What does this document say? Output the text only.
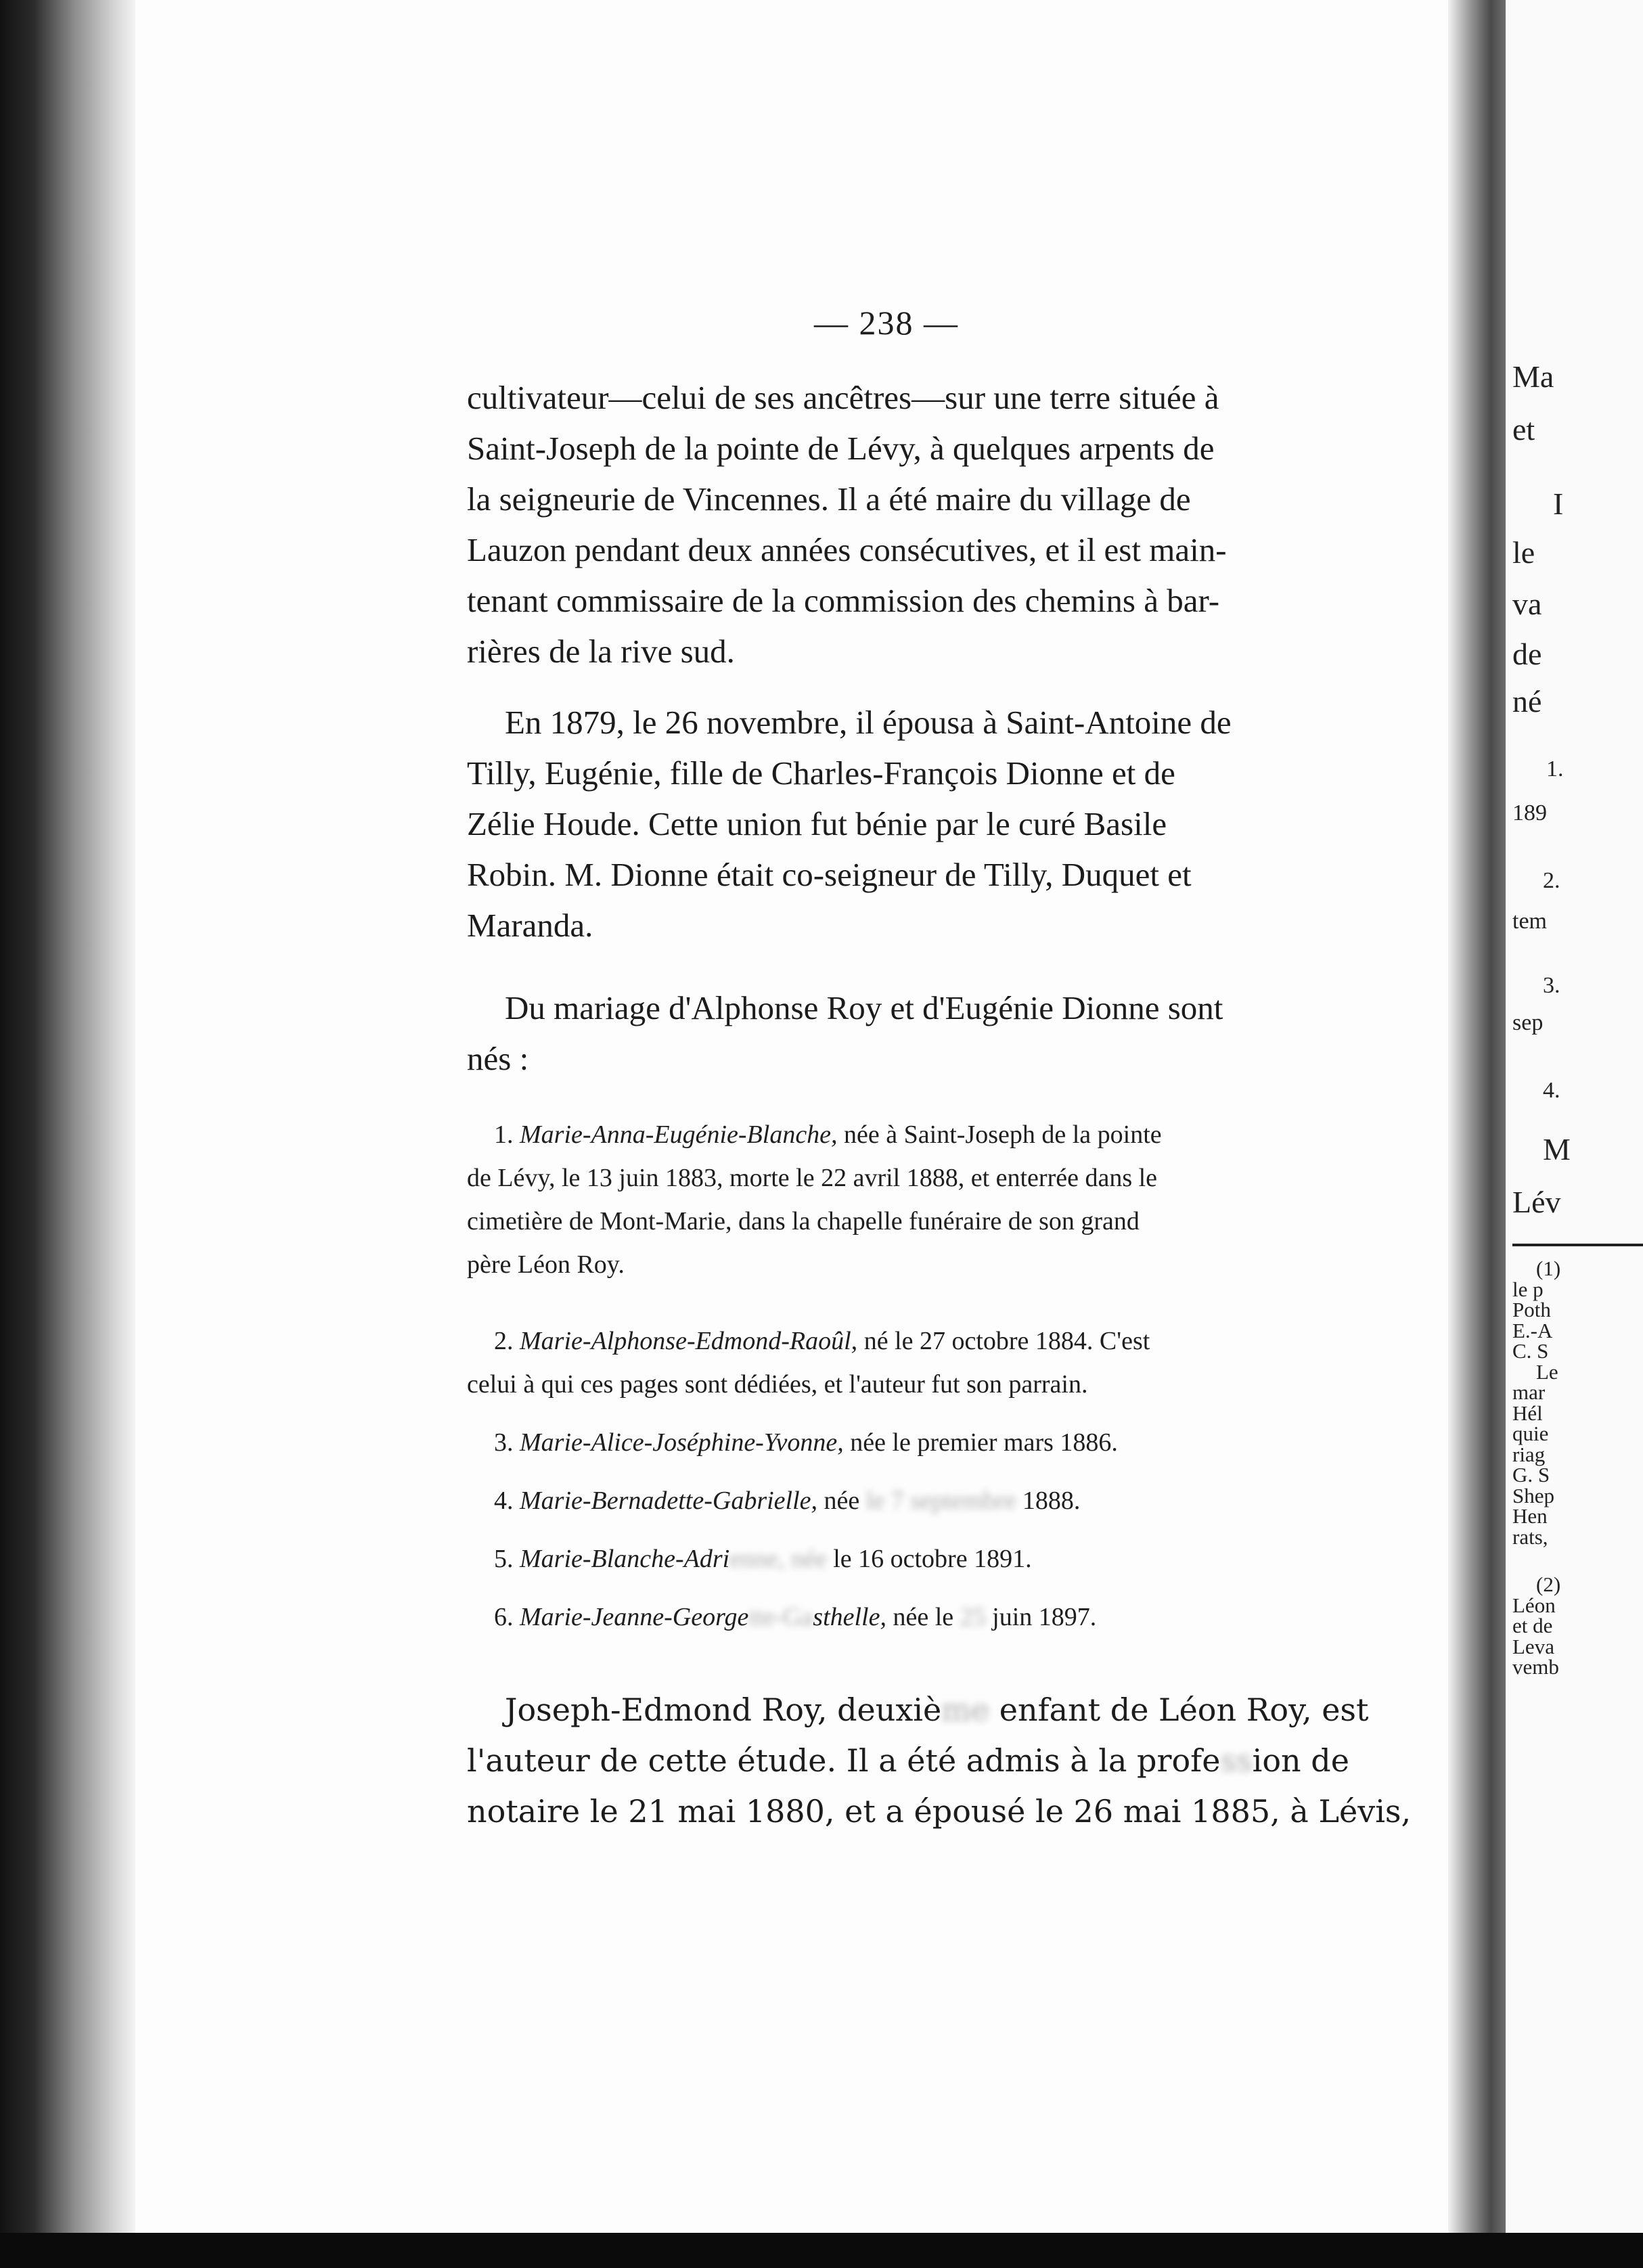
— 238 —
cultivateur—celui de ses ancêtres—sur une terre située à
Saint-Joseph de la pointe de Lévy, à quelques arpents de
la seigneurie de Vincennes. Il a été maire du village de
Lauzon pendant deux années consécutives, et il est main-
tenant commissaire de la commission des chemins à bar-
rières de la rive sud.
En 1879, le 26 novembre, il épousa à Saint-Antoine de
Tilly, Eugénie, fille de Charles-François Dionne et de
Zélie Houde. Cette union fut bénie par le curé Basile
Robin. M. Dionne était co-seigneur de Tilly, Duquet et
Maranda.
Du mariage d'Alphonse Roy et d'Eugénie Dionne sont
nés :
1. Marie-Anna-Eugénie-Blanche, née à Saint-Joseph de la pointe
de Lévy, le 13 juin 1883, morte le 22 avril 1888, et enterrée dans le
cimetière de Mont-Marie, dans la chapelle funéraire de son grand
père Léon Roy.
2. Marie-Alphonse-Edmond-Raoûl, né le 27 octobre 1884. C'est
celui à qui ces pages sont dédiées, et l'auteur fut son parrain.
3. Marie-Alice-Joséphine-Yvonne, née le premier mars 1886.
4. Marie-Bernadette-Gabrielle, née le 7 septembre 1888.
5. Marie-Blanche-Adrienne, née le 16 octobre 1891.
6. Marie-Jeanne-Georgette-Gasthelle, née le 25 juin 1897.
Joseph-Edmond Roy, deuxième enfant de Léon Roy, est
l'auteur de cette étude. Il a été admis à la profession de
notaire le 21 mai 1880, et a épousé le 26 mai 1885, à Lévis,
Ma
et
I
le
va
de
né
1.
189
2.
tem
3.
sep
4.
M
Lév
(1)
le p
Poth
E.-A
C. S
Le
mar
Hél
quie
riag
G. S
Shep
Hen
rats,
(2)
Léon
et de
Leva
vemb
